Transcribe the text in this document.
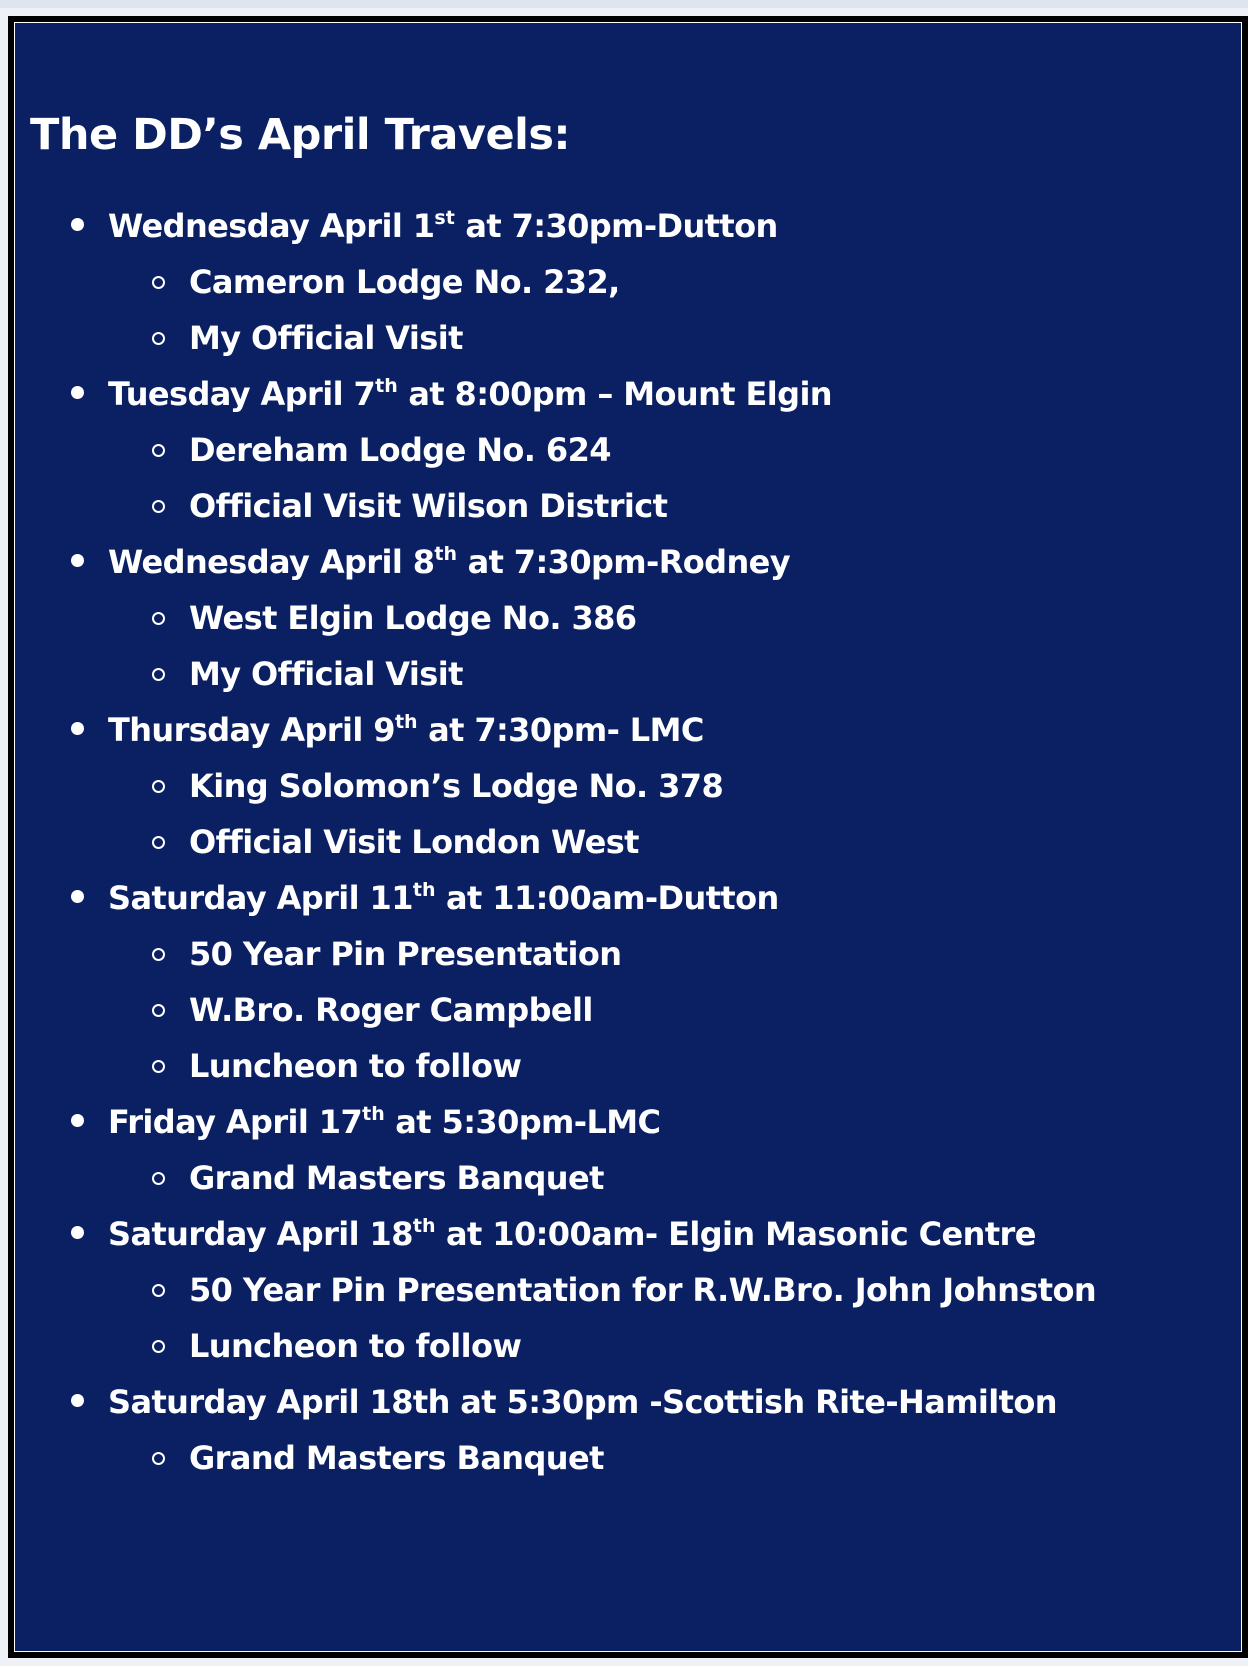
The DD’s April Travels:
Wednesday April 1st at 7:30pm-Dutton
Cameron Lodge No. 232,
My Official Visit
Tuesday April 7th at 8:00pm – Mount Elgin
Dereham Lodge No. 624
Official Visit Wilson District
Wednesday April 8th at 7:30pm-Rodney
West Elgin Lodge No. 386
My Official Visit
Thursday April 9th at 7:30pm- LMC
King Solomon’s Lodge No. 378
Official Visit London West
Saturday April 11th at 11:00am-Dutton
50 Year Pin Presentation
W.Bro. Roger Campbell
Luncheon to follow
Friday April 17th at 5:30pm-LMC
Grand Masters Banquet
Saturday April 18th at 10:00am- Elgin Masonic Centre
50 Year Pin Presentation for R.W.Bro. John Johnston
Luncheon to follow
Saturday April 18th at 5:30pm -Scottish Rite-Hamilton
Grand Masters Banquet
